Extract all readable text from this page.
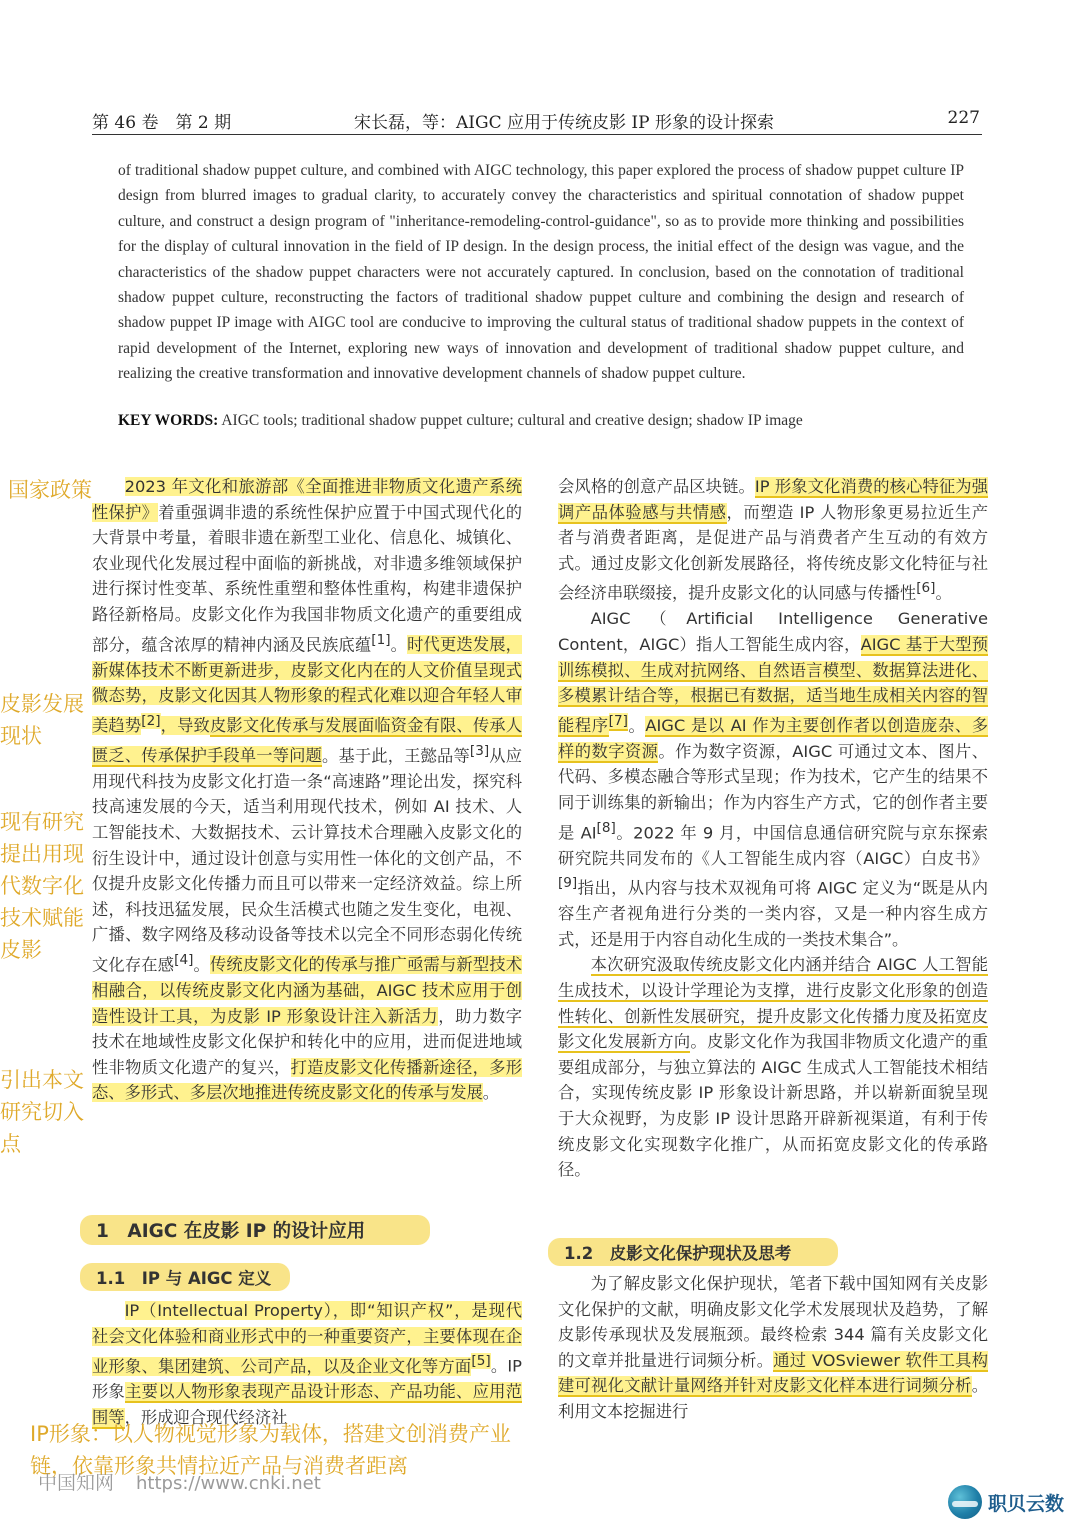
第 46 卷　第 2 期	宋长磊，等：AIGC 应用于传统皮影 IP 形象的设计探索	227
of traditional shadow puppet culture, and combined with AIGC technology, this paper explored the process of shadow puppet culture IP design from blurred images to gradual clarity, to accurately convey the characteristics and spiritual connotation of shadow puppet culture, and construct a design program of "inheritance-remodeling-control-guidance", so as to provide more thinking and possibilities for the display of cultural innovation in the field of IP design. In the design process, the initial effect of the design was vague, and the characteristics of the shadow puppet characters were not accurately captured. In conclusion, based on the connotation of traditional shadow puppet culture, reconstructing the factors of traditional shadow puppet culture and combining the design and research of shadow puppet IP image with AIGC tool are conducive to improving the cultural status of traditional shadow puppets in the context of rapid development of the Internet, exploring new ways of innovation and development of traditional shadow puppet culture, and realizing the creative transformation and innovative development channels of shadow puppet culture.
KEY WORDS: AIGC tools; traditional shadow puppet culture; cultural and creative design; shadow IP image

2023 年文化和旅游部《全面推进非物质文化遗产系统性保护》着重强调非遗的系统性保护应置于中国式现代化的大背景中考量，着眼非遗在新型工业化、信息化、城镇化、农业现代化发展过程中面临的新挑战，对非遗多维领域保护进行探讨性变革、系统性重塑和整体性重构，构建非遗保护路径新格局。皮影文化作为我国非物质文化遗产的重要组成部分，蕴含浓厚的精神内涵及民族底蕴[1]。时代更迭发展，新媒体技术不断更新进步，皮影文化内在的人文价值呈现式微态势，皮影文化因其人物形象的程式化难以迎合年轻人审美趋势[2]，导致皮影文化传承与发展面临资金有限、传承人匮乏、传承保护手段单一等问题。基于此，王懿品等[3]从应用现代科技为皮影文化打造一条“高速路”理论出发，探究科技高速发展的今天，适当利用现代技术，例如 AI 技术、人工智能技术、大数据技术、云计算技术合理融入皮影文化的衍生设计中，通过设计创意与实用性一体化的文创产品，不仅提升皮影文化传播力而且可以带来一定经济效益。综上所述，科技迅猛发展，民众生活模式也随之发生变化，电视、广播、数字网络及移动设备等技术以完全不同形态弱化传统文化存在感[4]。传统皮影文化的传承与推广亟需与新型技术相融合，以传统皮影文化内涵为基础，AIGC 技术应用于创造性设计工具，为皮影 IP 形象设计注入新活力，助力数字技术在地域性皮影文化保护和转化中的应用，进而促进地域性非物质文化遗产的复兴，打造皮影文化传播新途径，多形态、多形式、多层次地推进传统皮影文化的传承与发展。

IP（Intellectual Property），即“知识产权”，是现代社会文化体验和商业形式中的一种重要资产，主要体现在企业形象、集团建筑、公司产品，以及企业文化等方面[5]。IP 形象主要以人物形象表现产品设计形态、产品功能、应用范围等，形成迎合现代经济社

会风格的创意产品区块链。IP 形象文化消费的核心特征为强调产品体验感与共情感，而塑造 IP 人物形象更易拉近生产者与消费者距离，是促进产品与消费者产生互动的有效方式。通过皮影文化创新发展路径，将传统皮影文化特征与社会经济串联缀接，提升皮影文化的认同感与传播性[6]。

AIGC（Artificial Intelligence Generative Content，AIGC）指人工智能生成内容，AIGC 基于大型预训练模拟、生成对抗网络、自然语言模型、数据算法进化、多模累计结合等，根据已有数据，适当地生成相关内容的智能程序[7]。AIGC 是以 AI 作为主要创作者以创造庞杂、多样的数字资源。作为数字资源，AIGC 可通过文本、图片、代码、多模态融合等形式呈现；作为技术，它产生的结果不同于训练集的新输出；作为内容生产方式，它的创作者主要是 AI[8]。2022 年 9 月，中国信息通信研究院与京东探索研究院共同发布的《人工智能生成内容（AIGC）白皮书》[9]指出，从内容与技术双视角可将 AIGC 定义为“既是从内容生产者视角进行分类的一类内容，又是一种内容生成方式，还是用于内容自动化生成的一类技术集合”。

本次研究汲取传统皮影文化内涵并结合 AIGC 人工智能生成技术，以设计学理论为支撑，进行皮影文化形象的创造性转化、创新性发展研究，提升皮影文化传播力度及拓宽皮影文化发展新方向。皮影文化作为我国非物质文化遗产的重要组成部分，与独立算法的 AIGC 生成式人工智能技术相结合，实现传统皮影 IP 形象设计新思路，并以崭新面貌呈现于大众视野，为皮影 IP 设计思路开辟新视渠道，有利于传统皮影文化实现数字化推广，从而拓宽皮影文化的传承路径。

为了解皮影文化保护现状，笔者下载中国知网有关皮影文化保护的文献，明确皮影文化学术发展现状及趋势，了解皮影传承现状及发展瓶颈。最终检索 344 篇有关皮影文化的文章并批量进行词频分析。通过 VOSviewer 软件工具构建可视化文献计量网络并针对皮影文化样本进行词频分析。利用文本挖掘进行

1　AIGC 在皮影 IP 的设计应用
1.1　IP 与 AIGC 定义
1.2　皮影文化保护现状及思考
国家政策
皮影发展现状
现有研究提出用现代数字化技术赋能皮影
引出本文研究切入点
IP形象：以人物视觉形象为载体，搭建文创消费产业链，依靠形象共情拉近产品与消费者距离
中国知网 https://www.cnki.net
职贝云数
